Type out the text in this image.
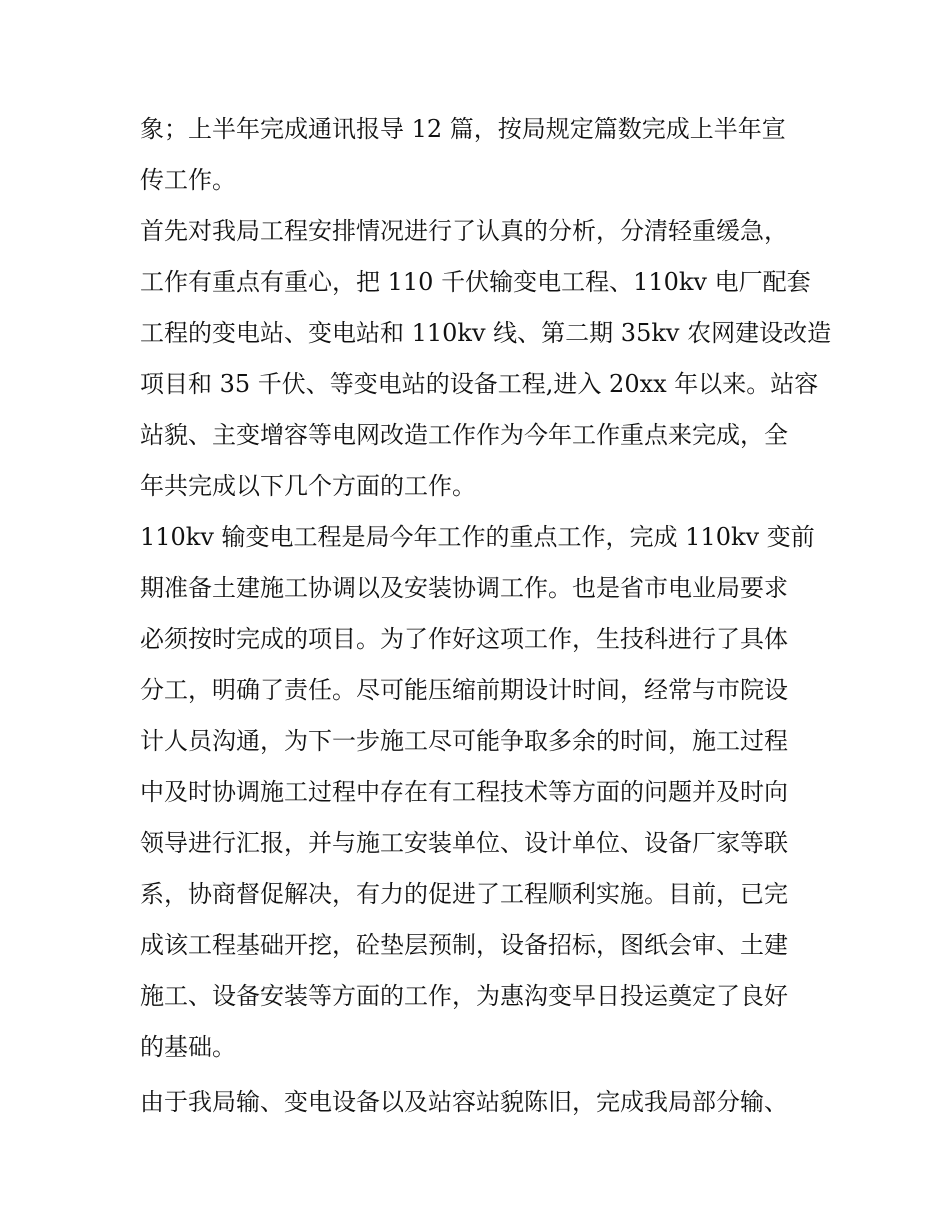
象；上半年完成通讯报导 12 篇，按局规定篇数完成上半年宣
传工作。
首先对我局工程安排情况进行了认真的分析，分清轻重缓急，
工作有重点有重心，把 110 千伏输变电工程、110kv 电厂配套
工程的变电站、变电站和 110kv 线、第二期 35kv 农网建设改造
项目和 35 千伏、等变电站的设备工程,进入 20xx 年以来。站容
站貌、主变增容等电网改造工作作为今年工作重点来完成，全
年共完成以下几个方面的工作。
110kv 输变电工程是局今年工作的重点工作，完成 110kv 变前
期准备土建施工协调以及安装协调工作。也是省市电业局要求
必须按时完成的项目。为了作好这项工作，生技科进行了具体
分工，明确了责任。尽可能压缩前期设计时间，经常与市院设
计人员沟通，为下一步施工尽可能争取多余的时间，施工过程
中及时协调施工过程中存在有工程技术等方面的问题并及时向
领导进行汇报，并与施工安装单位、设计单位、设备厂家等联
系，协商督促解决，有力的促进了工程顺利实施。目前，已完
成该工程基础开挖，砼垫层预制，设备招标，图纸会审、土建
施工、设备安装等方面的工作，为惠沟变早日投运奠定了良好
的基础。
由于我局输、变电设备以及站容站貌陈旧，完成我局部分输、
